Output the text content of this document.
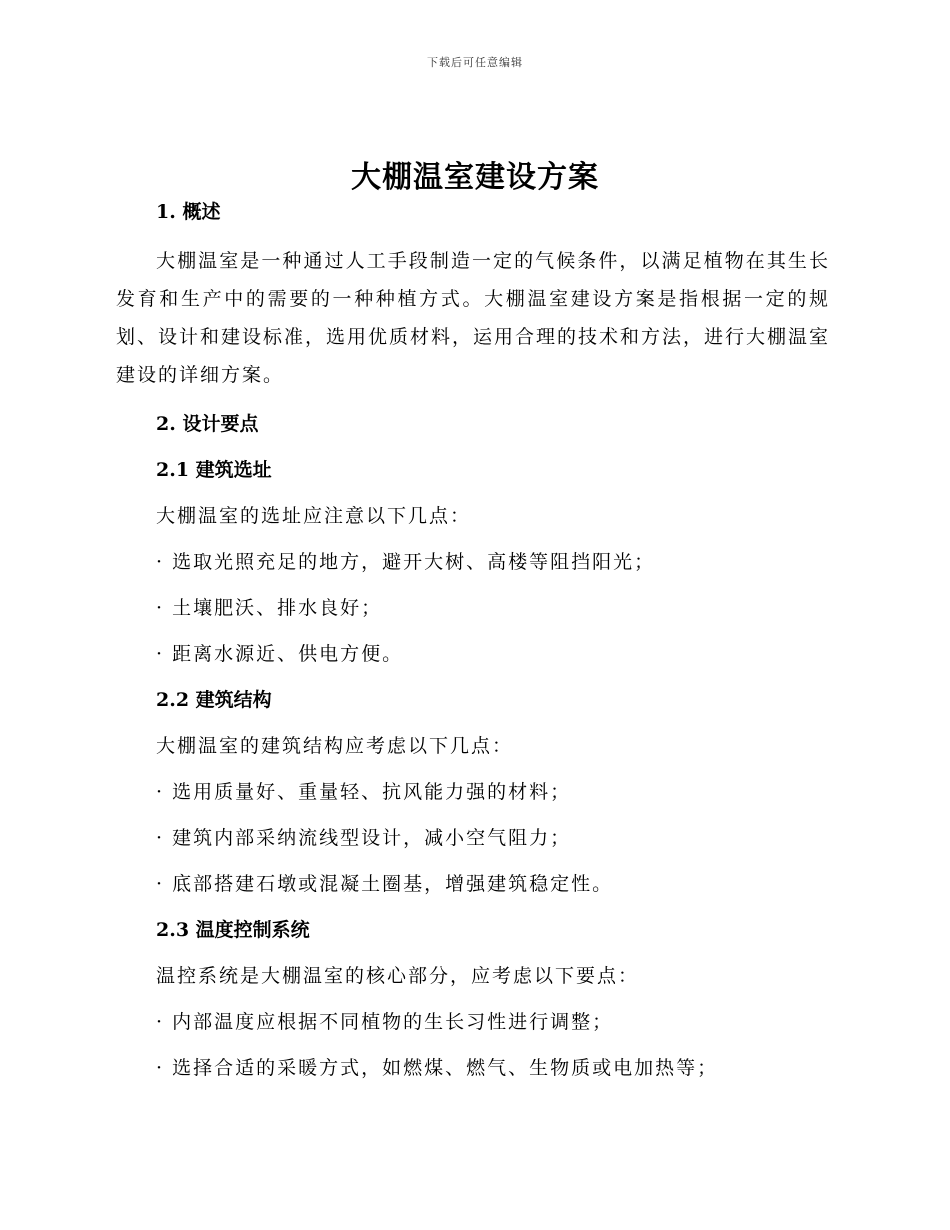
下载后可任意编辑
大棚温室建设方案
1. 概述
大棚温室是一种通过人工手段制造一定的气候条件，以满足植物在其生长发育和生产中的需要的一种种植方式。大棚温室建设方案是指根据一定的规划、设计和建设标准，选用优质材料，运用合理的技术和方法，进行大棚温室建设的详细方案。
2. 设计要点
2.1 建筑选址
大棚温室的选址应注意以下几点：
· 选取光照充足的地方，避开大树、高楼等阻挡阳光；
· 土壤肥沃、排水良好；
· 距离水源近、供电方便。
2.2 建筑结构
大棚温室的建筑结构应考虑以下几点：
· 选用质量好、重量轻、抗风能力强的材料；
· 建筑内部采纳流线型设计，减小空气阻力；
· 底部搭建石墩或混凝土圈基，增强建筑稳定性。
2.3 温度控制系统
温控系统是大棚温室的核心部分，应考虑以下要点：
· 内部温度应根据不同植物的生长习性进行调整；
· 选择合适的采暖方式，如燃煤、燃气、生物质或电加热等；
